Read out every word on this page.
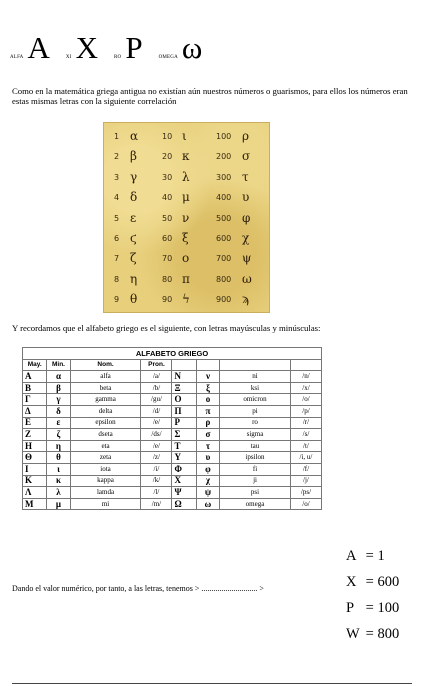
ALFA A	XI X	RO P	OMEGA ω
Como en la matemática griega antigua no existían aún nuestros números o guarismos, para ellos los números eran estas mismas letras con la siguiente correlación
1 α	10 ι	100 ρ
2 β	20 κ	200 σ
3 γ	30 λ	300 τ
4 δ	40 μ	400 υ
5 ε	50 ν	500 φ
6 ϛ	60 ξ	600 χ
7 ζ	70 ο	700 ψ
8 η	80 π	800 ω
9 θ	90 ϟ	900 ϡ
Y recordamos que el alfabeto griego es el siguiente, con letras mayúsculas y minúsculas:
ALFABETO GRIEGO							
May.	Min.	Nom.	Pron.				
A	α	alfa	/a/	N	ν	ni	/n/
B	β	beta	/b/	Ξ	ξ	ksi	/x/
Γ	γ	gamma	/gu/	O	o	omicron	/o/
Δ	δ	delta	/d/	Π	π	pi	/p/
E	ε	epsilon	/e/	P	ρ	ro	/r/
Z	ζ	dseta	/ds/	Σ	σ	sigma	/s/
H	η	eta	/e/	T	τ	tau	/t/
Θ	θ	zeta	/z/	Y	υ	ipsilon	/i, u/
I	ι	iota	/i/	Φ	φ	fi	/f/
K	κ	kappa	/k/	X	χ	ji	/j/
Λ	λ	lamda	/l/	Ψ	ψ	psi	/ps/
M	μ	mi	/m/	Ω	ω	omega	/o/
Dando el valor numérico, por tanto, a las letras, tenemos > ............................ >
A = 1
X = 600
P = 100
W = 800
